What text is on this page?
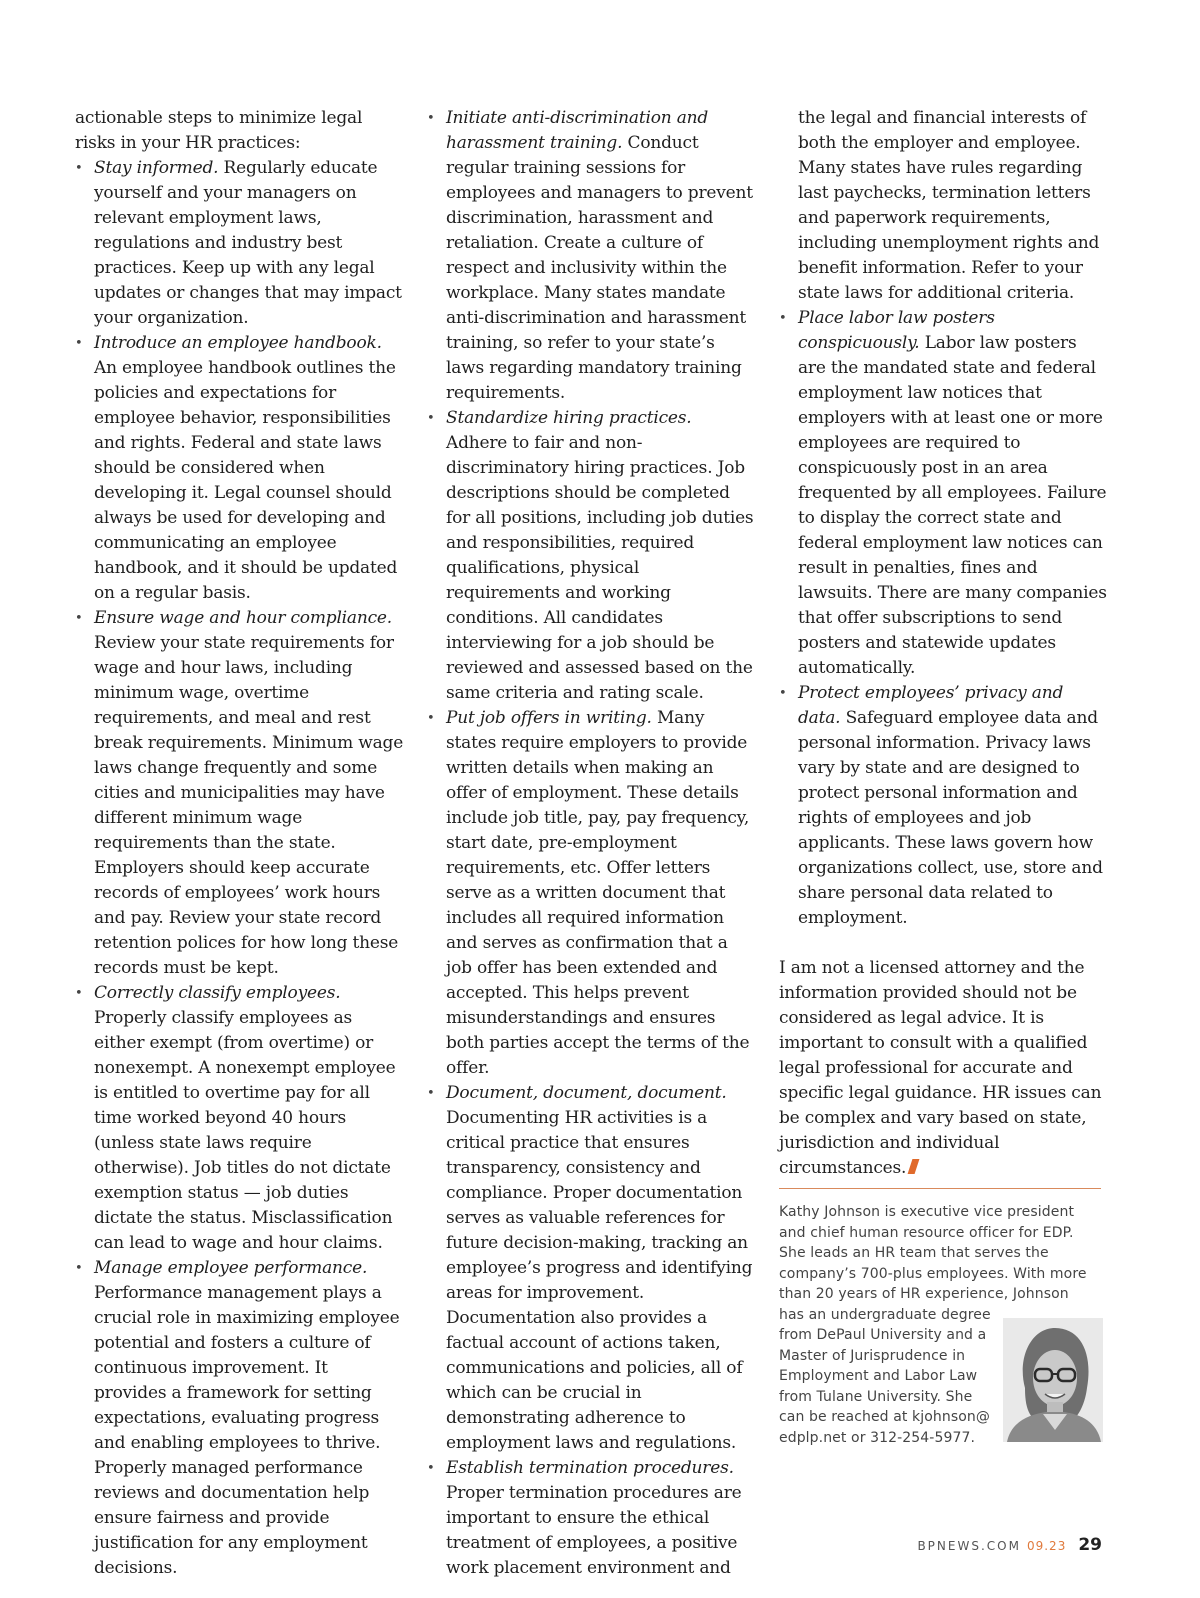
actionable steps to minimize legal risks in your HR practices:

• Stay informed. Regularly educate yourself and your managers on relevant employment laws, regulations and industry best practices. Keep up with any legal updates or changes that may impact your organization.
• Introduce an employee handbook. An employee handbook outlines the policies and expectations for employee behavior, responsibilities and rights. Federal and state laws should be considered when developing it. Legal counsel should always be used for developing and communicating an employee handbook, and it should be updated on a regular basis.
• Ensure wage and hour compliance. Review your state requirements for wage and hour laws, including minimum wage, overtime requirements, and meal and rest break requirements. Minimum wage laws change frequently and some cities and municipalities may have different minimum wage requirements than the state. Employers should keep accurate records of employees’ work hours and pay. Review your state record retention polices for how long these records must be kept.
• Correctly classify employees. Properly classify employees as either exempt (from overtime) or nonexempt. A nonexempt employee is entitled to overtime pay for all time worked beyond 40 hours (unless state laws require otherwise). Job titles do not dictate exemption status — job duties dictate the status. Misclassification can lead to wage and hour claims.
• Manage employee performance. Performance management plays a crucial role in maximizing employee potential and fosters a culture of continuous improvement. It provides a framework for setting expectations, evaluating progress and enabling employees to thrive. Properly managed performance reviews and documentation help ensure fairness and provide justification for any employment decisions.
• Initiate anti-discrimination and harassment training. Conduct regular training sessions for employees and managers to prevent discrimination, harassment and retaliation. Create a culture of respect and inclusivity within the workplace. Many states mandate anti-discrimination and harassment training, so refer to your state’s laws regarding mandatory training requirements.
• Standardize hiring practices. Adhere to fair and non-discriminatory hiring practices. Job descriptions should be completed for all positions, including job duties and responsibilities, required qualifications, physical requirements and working conditions. All candidates interviewing for a job should be reviewed and assessed based on the same criteria and rating scale.
• Put job offers in writing. Many states require employers to provide written details when making an offer of employment. These details include job title, pay, pay frequency, start date, pre-employment requirements, etc. Offer letters serve as a written document that includes all required information and serves as confirmation that a job offer has been extended and accepted. This helps prevent misunderstandings and ensures both parties accept the terms of the offer.
• Document, document, document. Documenting HR activities is a critical practice that ensures transparency, consistency and compliance. Proper documentation serves as valuable references for future decision-making, tracking an employee’s progress and identifying areas for improvement. Documentation also provides a factual account of actions taken, communications and policies, all of which can be crucial in demonstrating adherence to employment laws and regulations.
• Establish termination procedures. Proper termination procedures are important to ensure the ethical treatment of employees, a positive work placement environment and

the legal and financial interests of both the employer and employee. Many states have rules regarding last paychecks, termination letters and paperwork requirements, including unemployment rights and benefit information. Refer to your state laws for additional criteria.

• Place labor law posters conspicuously. Labor law posters are the mandated state and federal employment law notices that employers with at least one or more employees are required to conspicuously post in an area frequented by all employees. Failure to display the correct state and federal employment law notices can result in penalties, fines and lawsuits. There are many companies that offer subscriptions to send posters and statewide updates automatically.
• Protect employees’ privacy and data. Safeguard employee data and personal information. Privacy laws vary by state and are designed to protect personal information and rights of employees and job applicants. These laws govern how organizations collect, use, store and share personal data related to employment.

I am not a licensed attorney and the information provided should not be considered as legal advice. It is important to consult with a qualified legal professional for accurate and specific legal guidance. HR issues can be complex and vary based on state, jurisdiction and individual circumstances.

Kathy Johnson is executive vice president and chief human resource officer for EDP. She leads an HR team that serves the company’s 700-plus employees. With more than 20 years of HR experience, Johnson

has an undergraduate degree from DePaul University and a Master of Jurisprudence in Employment and Labor Law from Tulane University. She can be reached at kjohnson@ edplp.net or 312-254-5977.

BPNEWS.COM 09.23 29
